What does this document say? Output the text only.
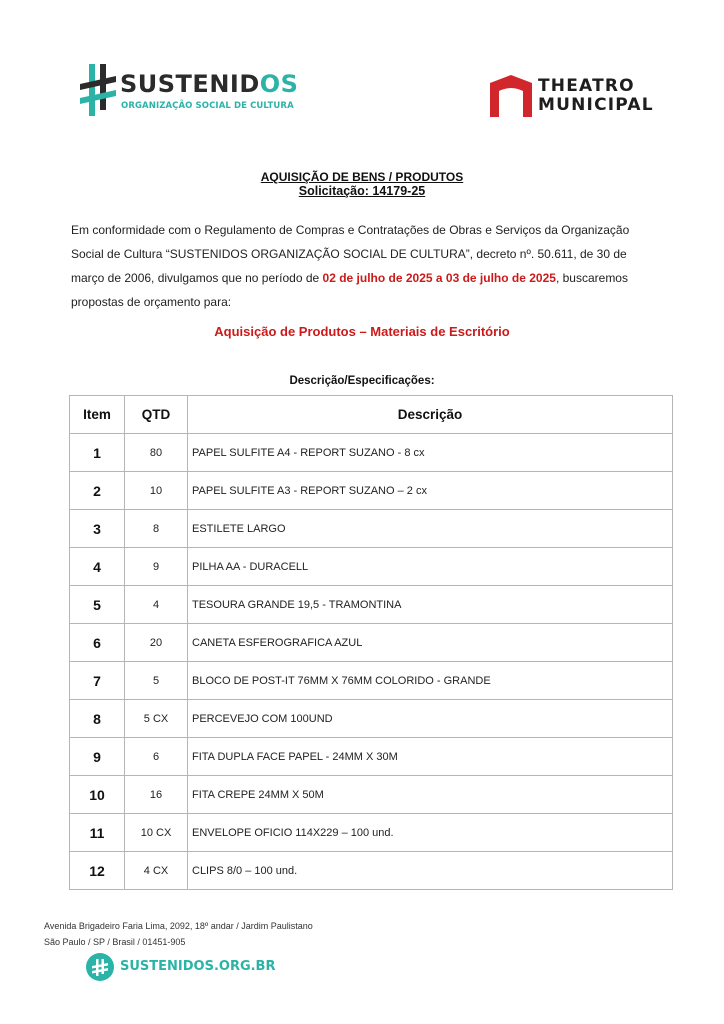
SUSTENIDOS
ORGANIZAÇÃO SOCIAL DE CULTURA
THEATRO
MUNICIPAL
AQUISIÇÃO DE BENS / PRODUTOS
Solicitação: 14179-25
Em conformidade com o Regulamento de Compras e Contratações de Obras e Serviços da Organização Social de Cultura “SUSTENIDOS ORGANIZAÇÃO SOCIAL DE CULTURA”, decreto nº. 50.611, de 30 de março de 2006, divulgamos que no período de 02 de julho de 2025 a 03 de julho de 2025, buscaremos propostas de orçamento para:
Aquisição de Produtos – Materiais de Escritório
Descrição/Especificações:
Item	QTD	Descrição
1	80	PAPEL SULFITE A4 - REPORT SUZANO - 8 cx
2	10	PAPEL SULFITE A3 - REPORT SUZANO – 2 cx
3	8	ESTILETE LARGO
4	9	PILHA AA - DURACELL
5	4	TESOURA GRANDE 19,5 - TRAMONTINA
6	20	CANETA ESFEROGRAFICA AZUL
7	5	BLOCO DE POST-IT 76MM X 76MM COLORIDO - GRANDE
8	5 CX	PERCEVEJO COM 100UND
9	6	FITA DUPLA FACE PAPEL - 24MM X 30M
10	16	FITA CREPE 24MM X 50M
11	10 CX	ENVELOPE OFICIO 114X229 – 100 und.
12	4 CX	CLIPS 8/0 – 100 und.
Avenida Brigadeiro Faria Lima, 2092, 18º andar / Jardim Paulistano
São Paulo / SP / Brasil / 01451-905
SUSTENIDOS.ORG.BR
